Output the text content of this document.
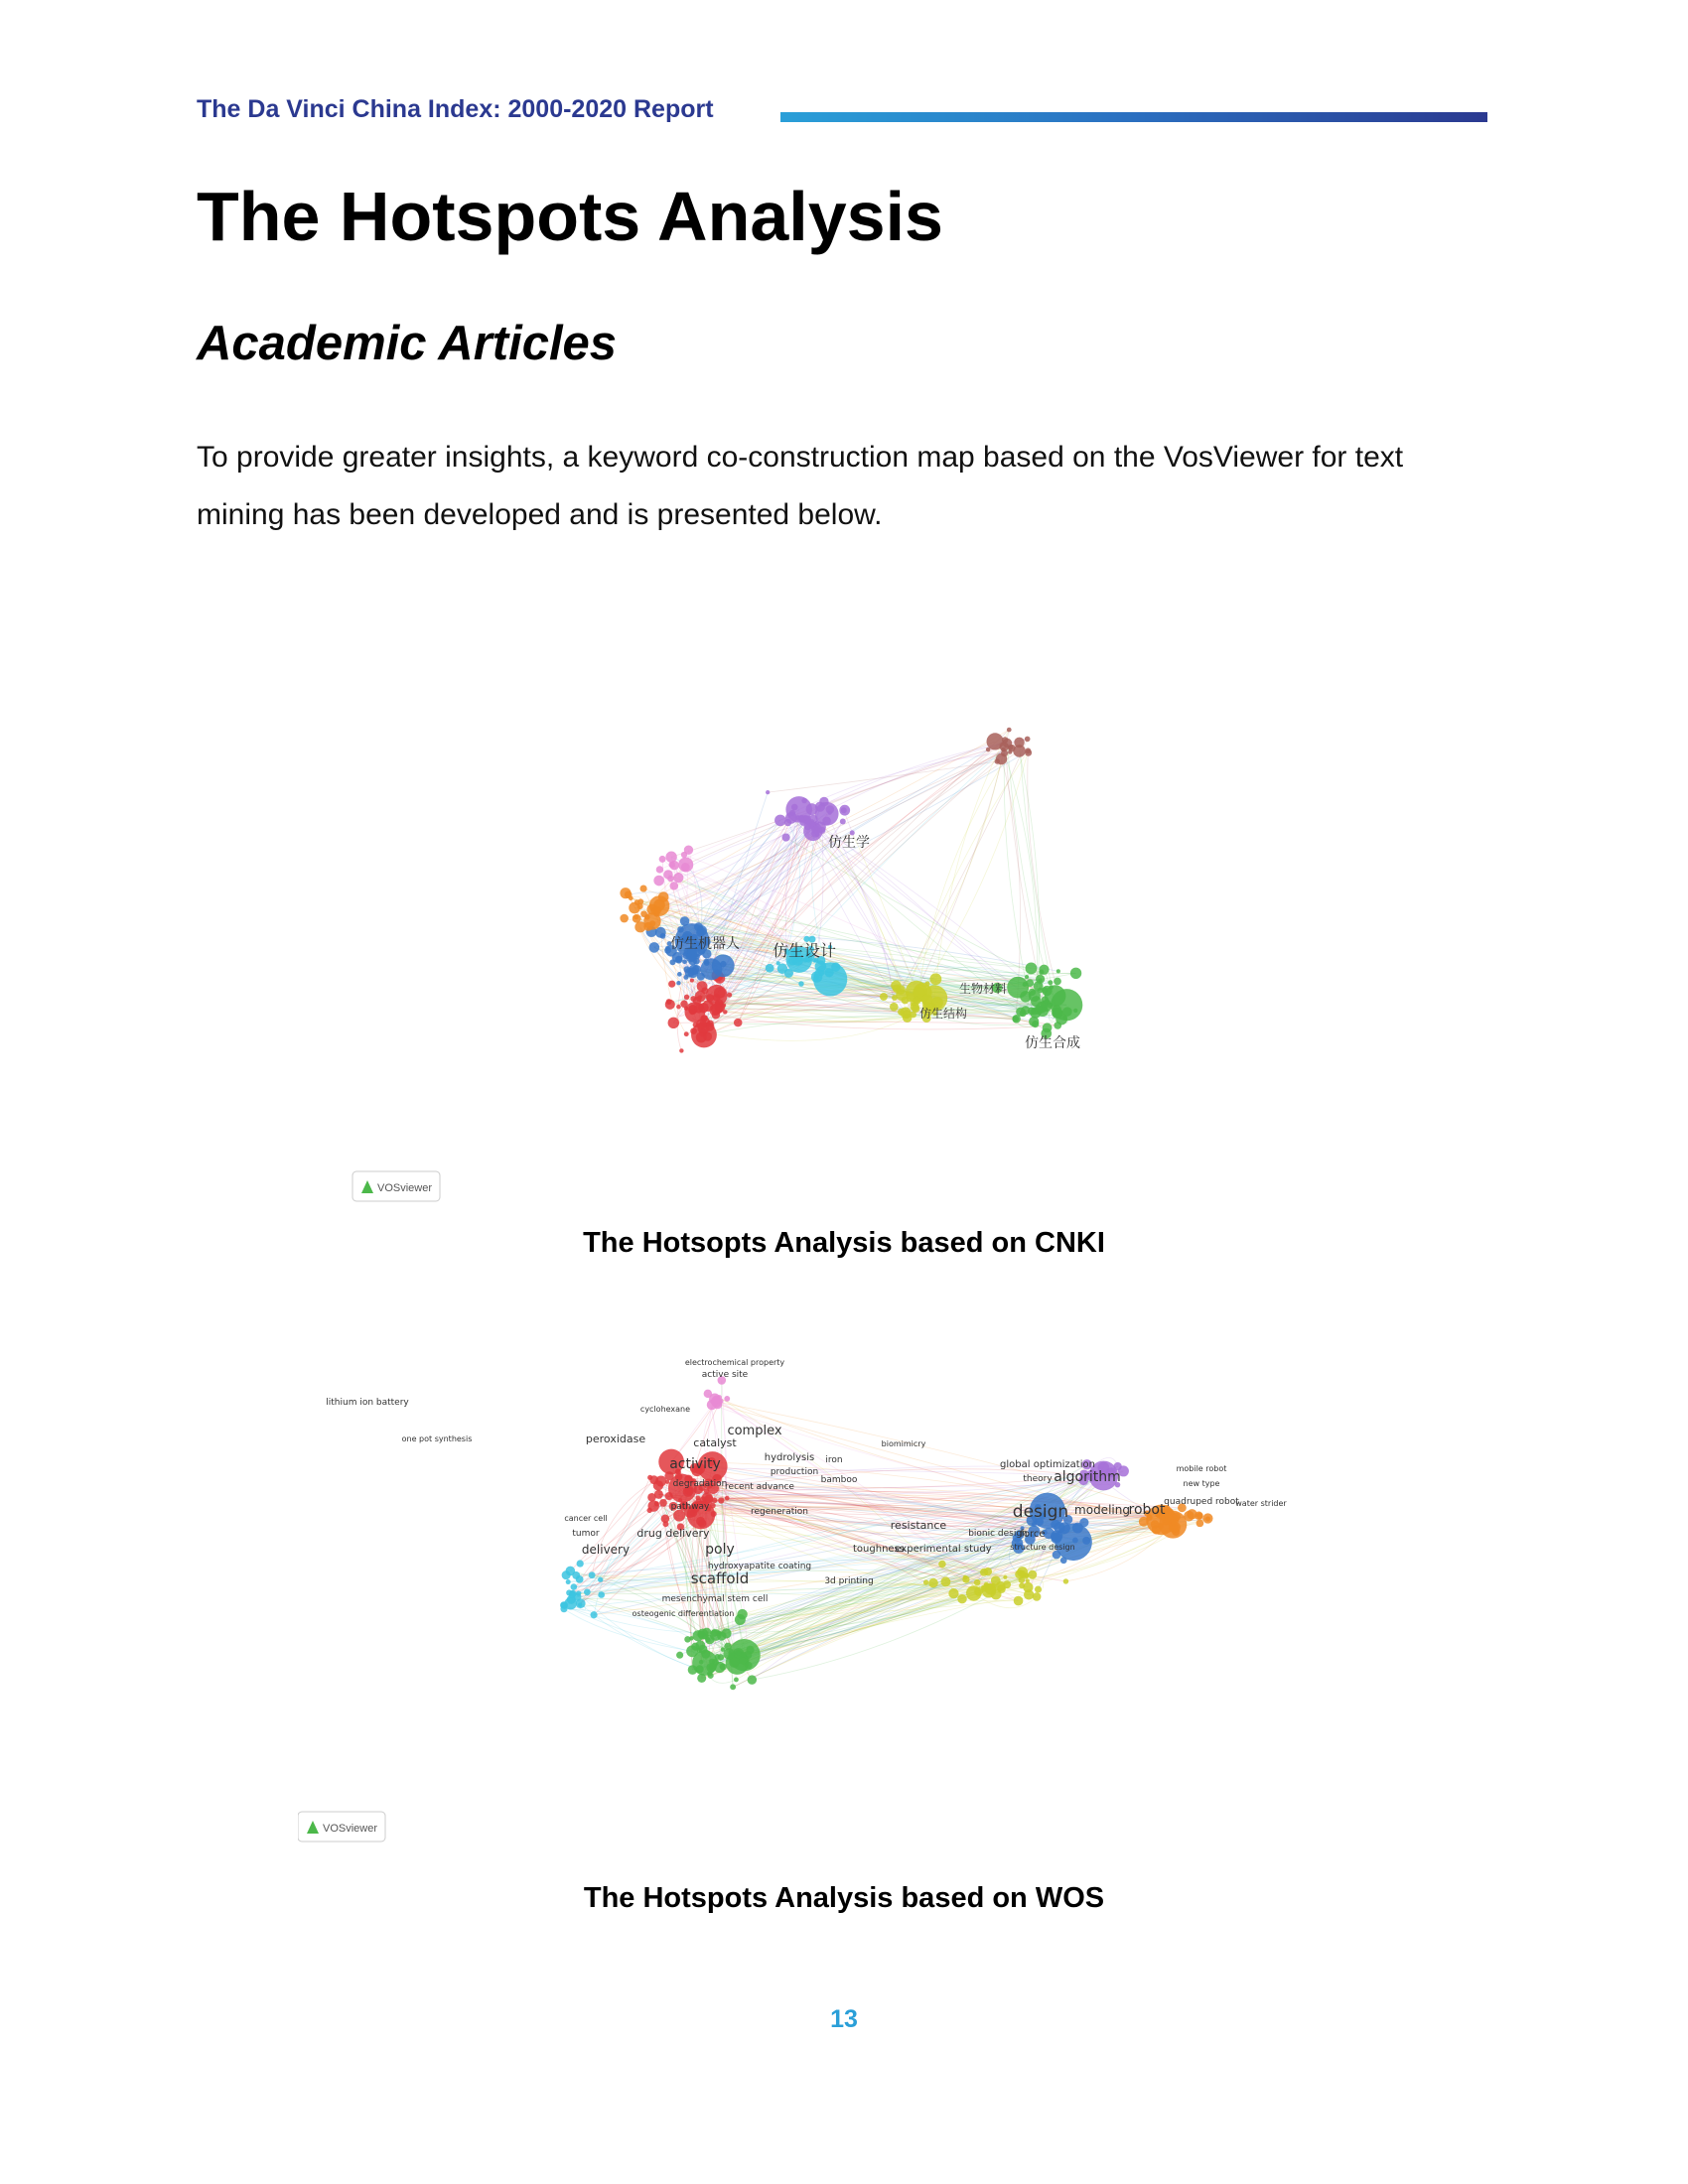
The Da Vinci China Index: 2000-2020 Report
The Hotspots Analysis
Academic Articles

To provide greater insights, a keyword co-construction map based on the VosViewer for text mining has been developed and is presented below.

仿生设计
仿生机器人
仿生学
仿生合成
生物材料
仿生结构
VOSviewer
The Hotsopts Analysis based on CNKI
electrochemical property
active site
lithium ion battery
cyclohexane
complex
one pot synthesis	peroxidase	catalyst
activity	hydrolysis iron
production
bamboo
biomimicry
degradation
recent advance
pathway	regeneration
cancer cell
tumor	drug delivery
delivery	poly
scaffold
hydroxyapatite coating
mesenchymal stem cell
osteogenic differentiation
toughness
experimental study
3d printing
resistance
bionic design
force
structure design
design
global optimization
theory algorithm
modeling
robot
mobile robot
new type
quadruped robot
water strider
VOSviewer
The Hotspots Analysis based on WOS
13
